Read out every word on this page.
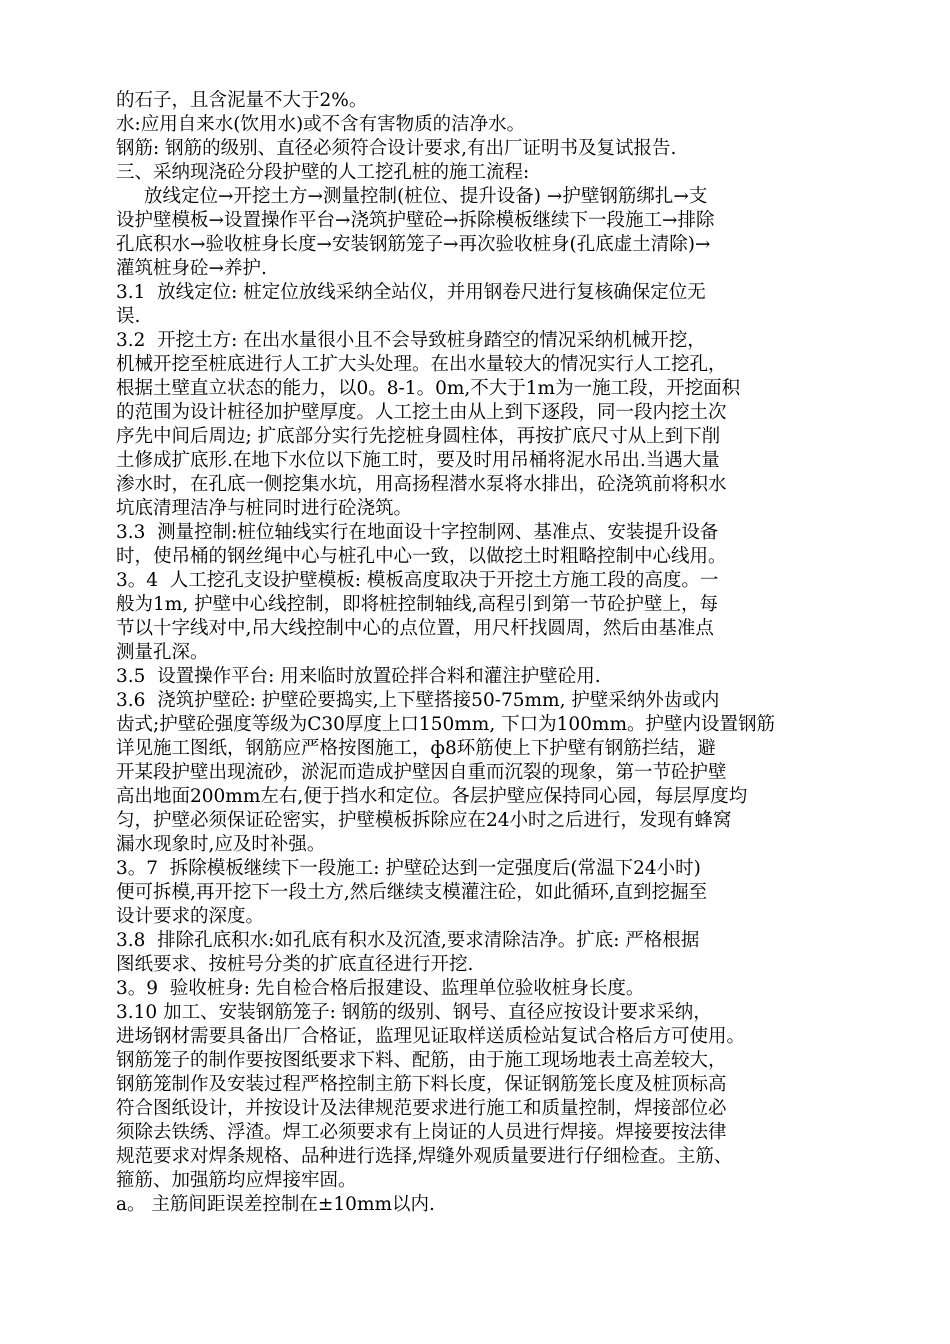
的石子，且含泥量不大于2%。
水:应用自来水(饮用水)或不含有害物质的洁净水。
钢筋: 钢筋的级别、直径必须符合设计要求,有出厂证明书及复试报告.
三、采纳现浇砼分段护壁的人工挖孔桩的施工流程:
放线定位→开挖土方→测量控制(桩位、提升设备) →护壁钢筋绑扎→支
设护壁模板→设置操作平台→浇筑护壁砼→拆除模板继续下一段施工→排除
孔底积水→验收桩身长度→安装钢筋笼子→再次验收桩身(孔底虚土清除)→
灌筑桩身砼→养护.
3.1  放线定位: 桩定位放线采纳全站仪，并用钢卷尺进行复核确保定位无
误.
3.2  开挖土方: 在出水量很小且不会导致桩身踏空的情况采纳机械开挖，
机械开挖至桩底进行人工扩大头处理。在出水量较大的情况实行人工挖孔，
根据土壁直立状态的能力，以0。8-1。0m,不大于1m为一施工段，开挖面积
的范围为设计桩径加护壁厚度。人工挖土由从上到下逐段，同一段内挖土次
序先中间后周边; 扩底部分实行先挖桩身圆柱体，再按扩底尺寸从上到下削
土修成扩底形.在地下水位以下施工时，要及时用吊桶将泥水吊出.当遇大量
渗水时，在孔底一侧挖集水坑，用高扬程潜水泵将水排出，砼浇筑前将积水
坑底清理洁净与桩同时进行砼浇筑。
3.3  测量控制:桩位轴线实行在地面设十字控制网、基准点、安装提升设备
时，使吊桶的钢丝绳中心与桩孔中心一致，以做挖土时粗略控制中心线用。
3。4  人工挖孔支设护壁模板: 模板高度取决于开挖土方施工段的高度。一
般为1m, 护壁中心线控制，即将桩控制轴线,高程引到第一节砼护壁上，每
节以十字线对中,吊大线控制中心的点位置，用尺杆找圆周，然后由基准点
测量孔深。
3.5  设置操作平台: 用来临时放置砼拌合料和灌注护壁砼用.
3.6  浇筑护壁砼: 护壁砼要捣实,上下壁搭接50-75mm, 护壁采纳外齿或内
齿式;护壁砼强度等级为C30厚度上口150mm, 下口为100mm。护壁内设置钢筋
详见施工图纸，钢筋应严格按图施工，ф8环筋使上下护壁有钢筋拦结，避
开某段护壁出现流砂，淤泥而造成护壁因自重而沉裂的现象，第一节砼护壁
高出地面200mm左右,便于挡水和定位。各层护壁应保持同心园，每层厚度均
匀，护壁必须保证砼密实，护壁模板拆除应在24小时之后进行，发现有蜂窝
漏水现象时,应及时补强。
3。7  拆除模板继续下一段施工: 护壁砼达到一定强度后(常温下24小时)
便可拆模,再开挖下一段土方,然后继续支模灌注砼，如此循环,直到挖掘至
设计要求的深度。
3.8  排除孔底积水:如孔底有积水及沉渣,要求清除洁净。扩底: 严格根据
图纸要求、按桩号分类的扩底直径进行开挖.
3。9  验收桩身: 先自检合格后报建设、监理单位验收桩身长度。
3.10 加工、安装钢筋笼子: 钢筋的级别、钢号、直径应按设计要求采纳，
进场钢材需要具备出厂合格证，监理见证取样送质检站复试合格后方可使用。
钢筋笼子的制作要按图纸要求下料、配筋，由于施工现场地表土高差较大，
钢筋笼制作及安装过程严格控制主筋下料长度，保证钢筋笼长度及桩顶标高
符合图纸设计，并按设计及法律规范要求进行施工和质量控制，焊接部位必
须除去铁绣、浮渣。焊工必须要求有上岗证的人员进行焊接。焊接要按法律
规范要求对焊条规格、品种进行选择,焊缝外观质量要进行仔细检查。主筋、
箍筋、加强筋均应焊接牢固。
a。 主筋间距误差控制在±10mm以内.
